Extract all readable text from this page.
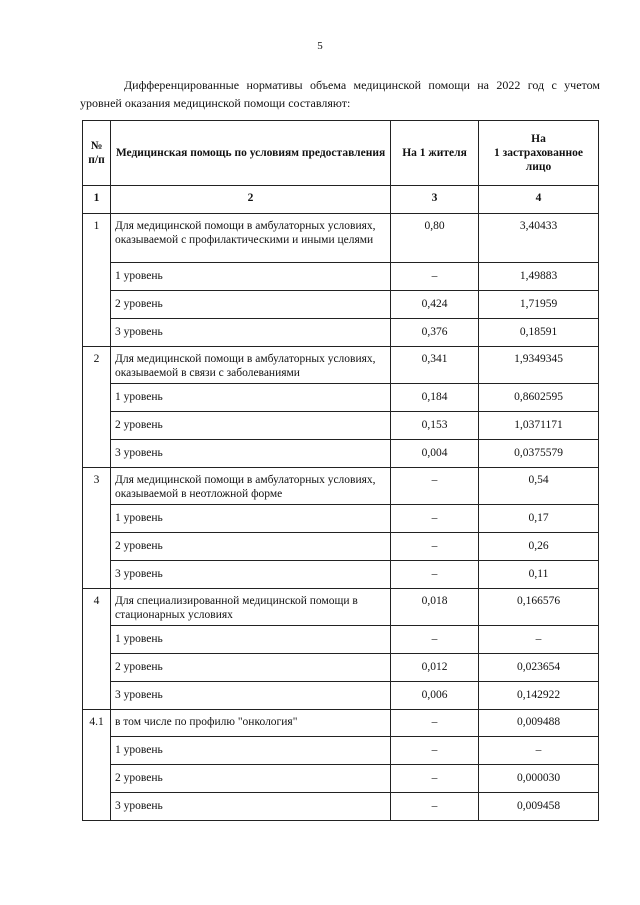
5

Дифференцированные нормативы объема медицинской помощи на 2022 год с учетом уровней оказания медицинской помощи составляют:

№ п/п	Медицинская помощь по условиям предоставления	На 1 жителя	На
1 застрахованное лицо
1	2	3	4
1	Для медицинской помощи в амбулаторных условиях, оказываемой с профилактическими и иными целями	0,80	3,40433
	1 уровень	–	1,49883
	2 уровень	0,424	1,71959
	3 уровень	0,376	0,18591
2	Для медицинской помощи в амбулаторных условиях, оказываемой в связи с заболеваниями	0,341	1,9349345
	1 уровень	0,184	0,8602595
	2 уровень	0,153	1,0371171
	3 уровень	0,004	0,0375579
3	Для медицинской помощи в амбулаторных условиях, оказываемой в неотложной форме	–	0,54
	1 уровень	–	0,17
	2 уровень	–	0,26
	3 уровень	–	0,11
4	Для специализированной медицинской помощи в стационарных условиях	0,018	0,166576
	1 уровень	–	–
	2 уровень	0,012	0,023654
	3 уровень	0,006	0,142922
4.1	в том числе по профилю "онкология"	–	0,009488
	1 уровень	–	–
	2 уровень	–	0,000030
	3 уровень	–	0,009458
